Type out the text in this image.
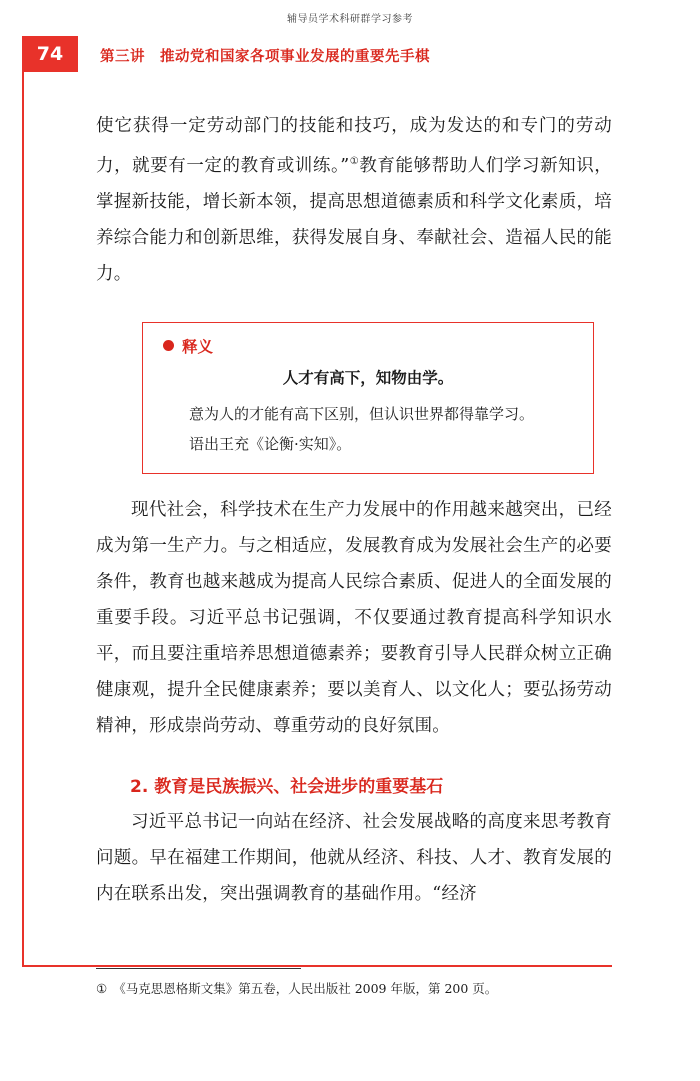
辅导员学术科研群学习参考
74	第三讲　推动党和国家各项事业发展的重要先手棋

使它获得一定劳动部门的技能和技巧，成为发达的和专门的劳动力，就要有一定的教育或训练。”①教育能够帮助人们学习新知识，掌握新技能，增长新本领，提高思想道德素质和科学文化素质，培养综合能力和创新思维，获得发展自身、奉献社会、造福人民的能力。

释义
人才有高下，知物由学。

意为人的才能有高下区别，但认识世界都得靠学习。

语出王充《论衡·实知》。

现代社会，科学技术在生产力发展中的作用越来越突出，已经成为第一生产力。与之相适应，发展教育成为发展社会生产的必要条件，教育也越来越成为提高人民综合素质、促进人的全面发展的重要手段。习近平总书记强调，不仅要通过教育提高科学知识水平，而且要注重培养思想道德素养；要教育引导人民群众树立正确健康观，提升全民健康素养；要以美育人、以文化人；要弘扬劳动精神，形成崇尚劳动、尊重劳动的良好氛围。

2. 教育是民族振兴、社会进步的重要基石

习近平总书记一向站在经济、社会发展战略的高度来思考教育问题。早在福建工作期间，他就从经济、科技、人才、教育发展的内在联系出发，突出强调教育的基础作用。“经济

① 《马克思恩格斯文集》第五卷，人民出版社 2009 年版，第 200 页。
